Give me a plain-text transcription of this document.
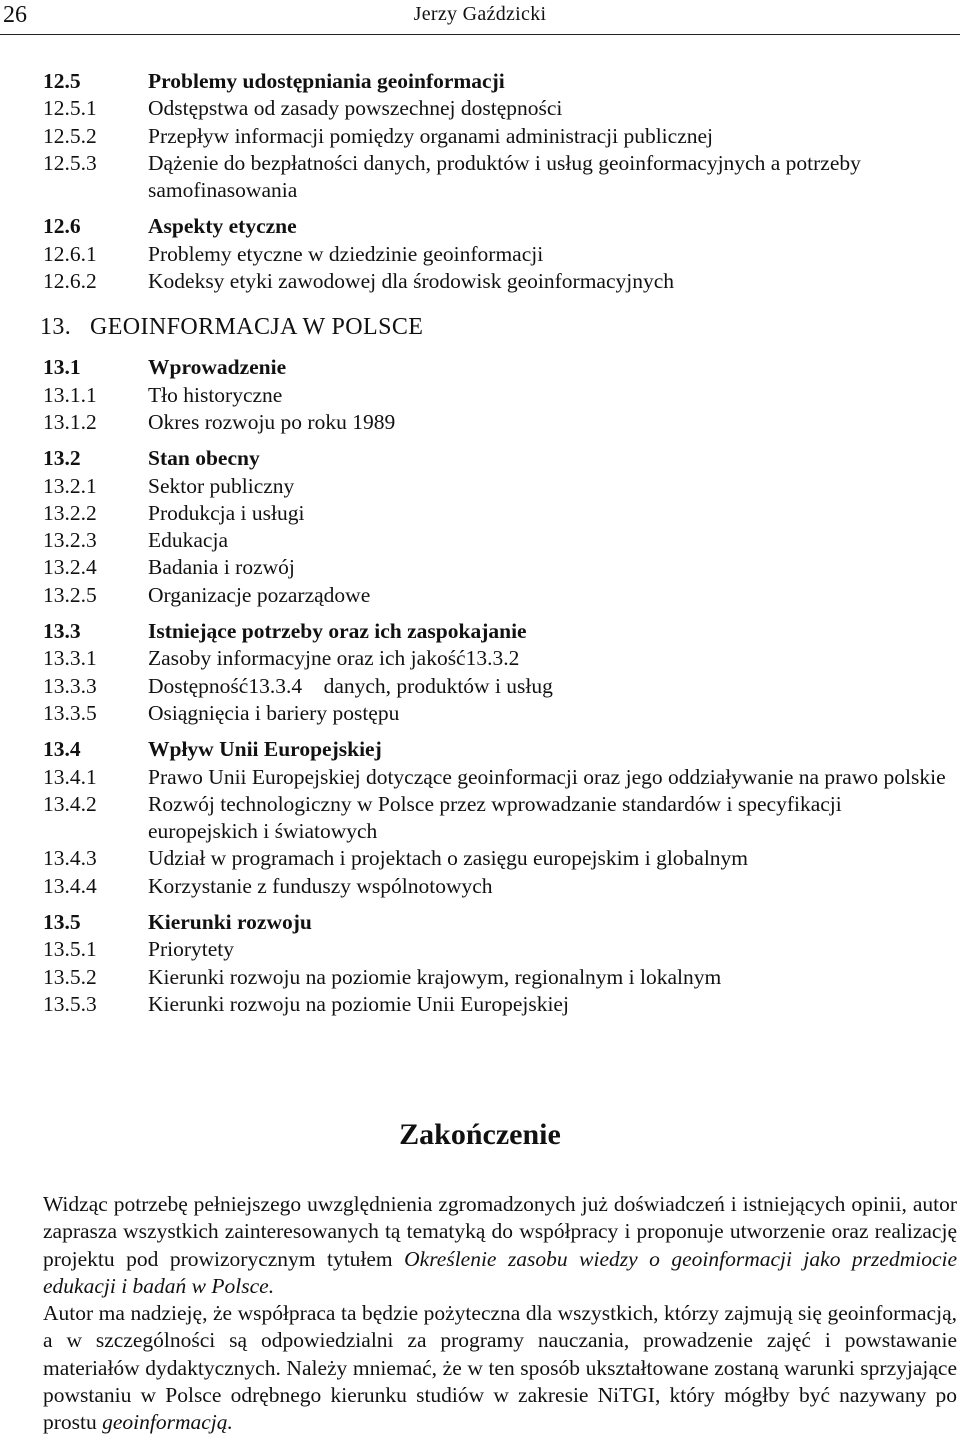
26	Jerzy Gaździcki
12.5	Problemy udostępniania geoinformacji
12.5.1	Odstępstwa od zasady powszechnej dostępności
12.5.2	Przepływ informacji pomiędzy organami administracji publicznej
12.5.3	Dążenie do bezpłatności danych, produktów i usług geoinformacyjnych a potrzeby samofinasowania
12.6	Aspekty etyczne
12.6.1	Problemy etyczne w dziedzinie geoinformacji
12.6.2	Kodeksy etyki zawodowej dla środowisk geoinformacyjnych
13. GEOINFORMACJA W POLSCE
13.1	Wprowadzenie
13.1.1	Tło historyczne
13.1.2	Okres rozwoju po roku 1989
13.2	Stan obecny
13.2.1	Sektor publiczny
13.2.2	Produkcja i usługi
13.2.3	Edukacja
13.2.4	Badania i rozwój
13.2.5	Organizacje pozarządowe
13.3	Istniejące potrzeby oraz ich zaspokajanie
13.3.1	Zasoby informacyjne oraz ich jakość13.3.2
13.3.3	Dostępność13.3.4    danych, produktów i usług
13.3.5	Osiągnięcia i bariery postępu
13.4	Wpływ Unii Europejskiej
13.4.1	Prawo Unii Europejskiej dotyczące geoinformacji oraz jego oddziaływanie na prawo polskie
13.4.2	Rozwój technologiczny w Polsce przez wprowadzanie standardów i specyfikacji europejskich i światowych
13.4.3	Udział w programach i projektach o zasięgu europejskim i globalnym
13.4.4	Korzystanie z funduszy wspólnotowych
13.5	Kierunki rozwoju
13.5.1	Priorytety
13.5.2	Kierunki rozwoju na poziomie krajowym, regionalnym i lokalnym
13.5.3	Kierunki rozwoju na poziomie Unii Europejskiej
Zakończenie

Widząc potrzebę pełniejszego uwzględnienia zgromadzonych już doświadczeń i istniejących opinii, autor zaprasza wszystkich zainteresowanych tą tematyką do współpracy i proponuje utworzenie oraz realizację projektu pod prowizorycznym tytułem Określenie zasobu wiedzy o geoinformacji jako przedmiocie edukacji i badań w Polsce.

Autor ma nadzieję, że współpraca ta będzie pożyteczna dla wszystkich, którzy zajmują się geoinformacją, a w szczególności są odpowiedzialni za programy nauczania, prowadzenie zajęć i powstawanie materiałów dydaktycznych. Należy mniemać, że w ten sposób ukształtowane zostaną warunki sprzyjające powstaniu w Polsce odrębnego kierunku studiów w zakresie NiTGI, który mógłby być nazywany po prostu geoinformacją.
